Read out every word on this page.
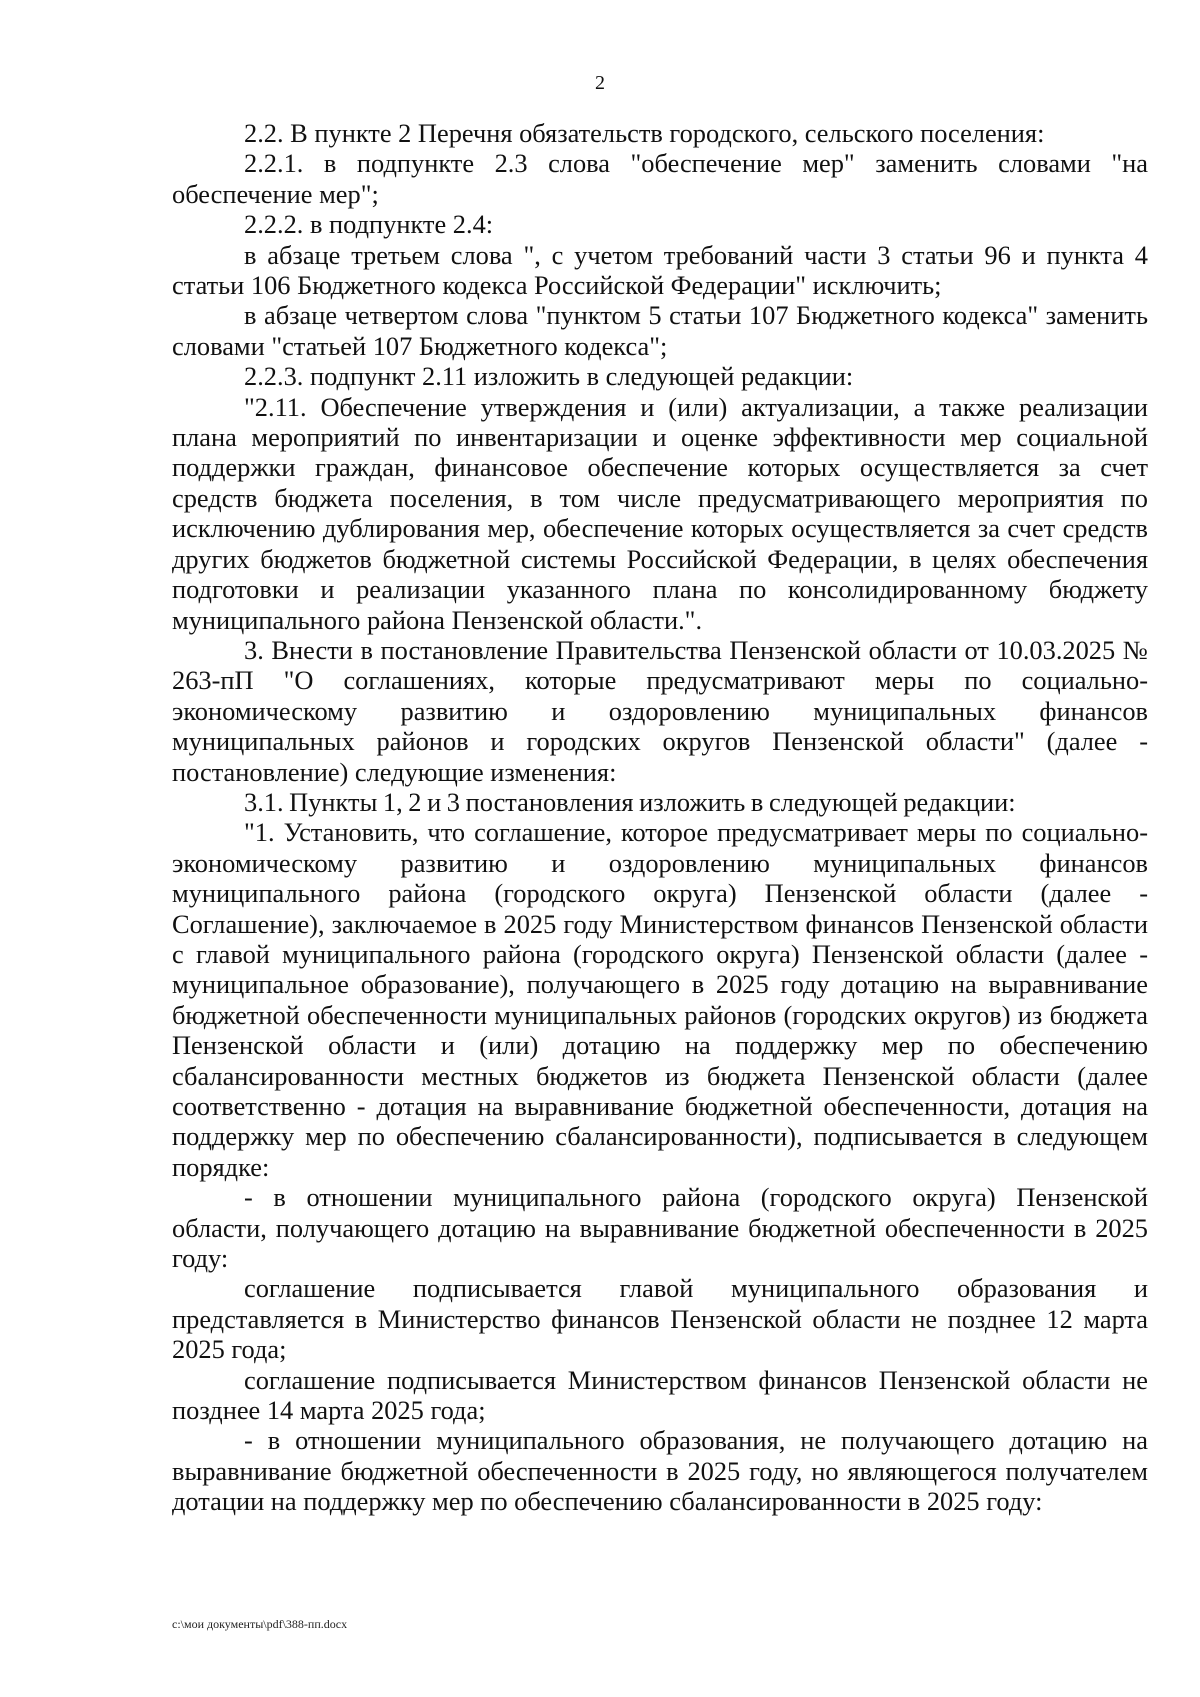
2

2.2. В пункте 2 Перечня обязательств городского, сельского поселения:

2.2.1. в подпункте 2.3 слова "обеспечение мер" заменить словами "на обеспечение мер";

2.2.2. в подпункте 2.4:

в абзаце третьем слова ", с учетом требований части 3 статьи 96 и пункта 4 статьи 106 Бюджетного кодекса Российской Федерации" исключить;

в абзаце четвертом слова "пунктом 5 статьи 107 Бюджетного кодекса" заменить словами "статьей 107 Бюджетного кодекса";

2.2.3. подпункт 2.11 изложить в следующей редакции:

"2.11. Обеспечение утверждения и (или) актуализации, а также реализации плана мероприятий по инвентаризации и оценке эффективности мер социальной поддержки граждан, финансовое обеспечение которых осуществляется за счет средств бюджета поселения, в том числе предусматривающего мероприятия по исключению дублирования мер, обеспечение которых осуществляется за счет средств других бюджетов бюджетной системы Российской Федерации, в целях обеспечения подготовки и реализации указанного плана по консолидированному бюджету муниципального района Пензенской области.".

3. Внести в постановление Правительства Пензенской области от 10.03.2025 № 263-пП "О соглашениях, которые предусматривают меры по социально-экономическому развитию и оздоровлению муниципальных финансов муниципальных районов и городских округов Пензенской области" (далее - постановление) следующие изменения:

3.1. Пункты 1, 2 и 3 постановления изложить в следующей редакции:

"1. Установить, что соглашение, которое предусматривает меры по социально-экономическому развитию и оздоровлению муниципальных финансов муниципального района (городского округа) Пензенской области (далее - Соглашение), заключаемое в 2025 году Министерством финансов Пензенской области с главой муниципального района (городского округа) Пензенской области (далее - муниципальное образование), получающего в 2025 году дотацию на выравнивание бюджетной обеспеченности муниципальных районов (городских округов) из бюджета Пензенской области и (или) дотацию на поддержку мер по обеспечению сбалансированности местных бюджетов из бюджета Пензенской области (далее соответственно - дотация на выравнивание бюджетной обеспеченности, дотация на поддержку мер по обеспечению сбалансированности), подписывается в следующем порядке:

- в отношении муниципального района (городского округа) Пензенской области, получающего дотацию на выравнивание бюджетной обеспеченности в 2025 году:

соглашение подписывается главой муниципального образования и представляется в Министерство финансов Пензенской области не позднее 12 марта 2025 года;

соглашение подписывается Министерством финансов Пензенской области не позднее 14 марта 2025 года;

- в отношении муниципального образования, не получающего дотацию на выравнивание бюджетной обеспеченности в 2025 году, но являющегося получателем дотации на поддержку мер по обеспечению сбалансированности в 2025 году:

c:\мои документы\pdf\388-пп.docx
